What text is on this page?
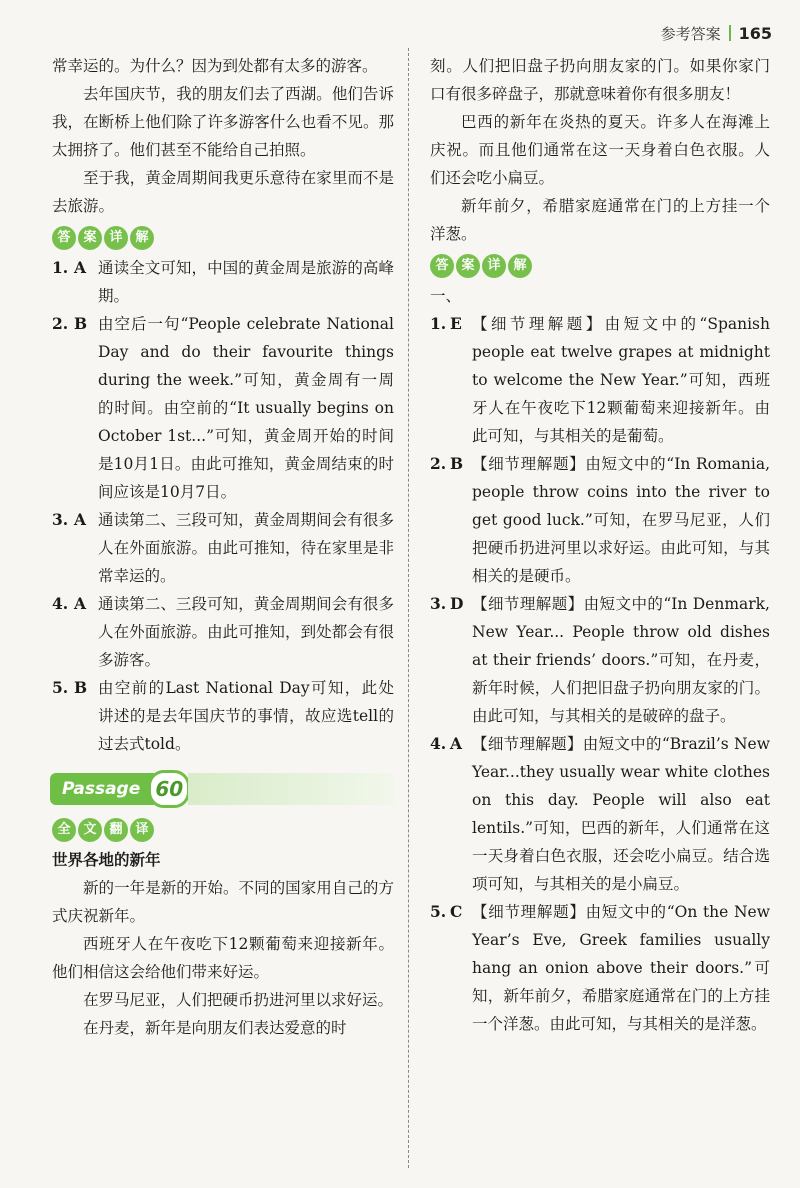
参考答案 165

常幸运的。为什么？因为到处都有太多的游客。

去年国庆节，我的朋友们去了西湖。他们告诉我，在断桥上他们除了许多游客什么也看不见。那太拥挤了。他们甚至不能给自己拍照。

至于我，黄金周期间我更乐意待在家里而不是去旅游。

答 案 详 解
1. A 通读全文可知，中国的黄金周是旅游的高峰期。
2. B 由空后一句“People celebrate National Day and do their favourite things during the week.”可知，黄金周有一周的时间。由空前的“It usually begins on October 1st...”可知，黄金周开始的时间是10月1日。由此可推知，黄金周结束的时间应该是10月7日。
3. A 通读第二、三段可知，黄金周期间会有很多人在外面旅游。由此可推知，待在家里是非常幸运的。
4. A 通读第二、三段可知，黄金周期间会有很多人在外面旅游。由此可推知，到处都会有很多游客。
5. B 由空前的Last National Day可知，此处讲述的是去年国庆节的事情，故应选tell的过去式told。
Passage 60
全 文 翻 译

世界各地的新年

新的一年是新的开始。不同的国家用自己的方式庆祝新年。

西班牙人在午夜吃下12颗葡萄来迎接新年。他们相信这会给他们带来好运。

在罗马尼亚，人们把硬币扔进河里以求好运。

在丹麦，新年是向朋友们表达爱意的时

刻。人们把旧盘子扔向朋友家的门。如果你家门口有很多碎盘子，那就意味着你有很多朋友！

巴西的新年在炎热的夏天。许多人在海滩上庆祝。而且他们通常在这一天身着白色衣服。人们还会吃小扁豆。

新年前夕，希腊家庭通常在门的上方挂一个洋葱。

答 案 详 解

一、

1. E 【细节理解题】由短文中的“Spanish people eat twelve grapes at midnight to welcome the New Year.”可知，西班牙人在午夜吃下12颗葡萄来迎接新年。由此可知，与其相关的是葡萄。
2. B 【细节理解题】由短文中的“In Romania, people throw coins into the river to get good luck.”可知，在罗马尼亚，人们把硬币扔进河里以求好运。由此可知，与其相关的是硬币。
3. D 【细节理解题】由短文中的“In Denmark, New Year... People throw old dishes at their friends’ doors.”可知，在丹麦，新年时候，人们把旧盘子扔向朋友家的门。由此可知，与其相关的是破碎的盘子。
4. A 【细节理解题】由短文中的“Brazil’s New Year...they usually wear white clothes on this day. People will also eat lentils.”可知，巴西的新年，人们通常在这一天身着白色衣服，还会吃小扁豆。结合选项可知，与其相关的是小扁豆。
5. C 【细节理解题】由短文中的“On the New Year’s Eve, Greek families usually hang an onion above their doors.”可知，新年前夕，希腊家庭通常在门的上方挂一个洋葱。由此可知，与其相关的是洋葱。
